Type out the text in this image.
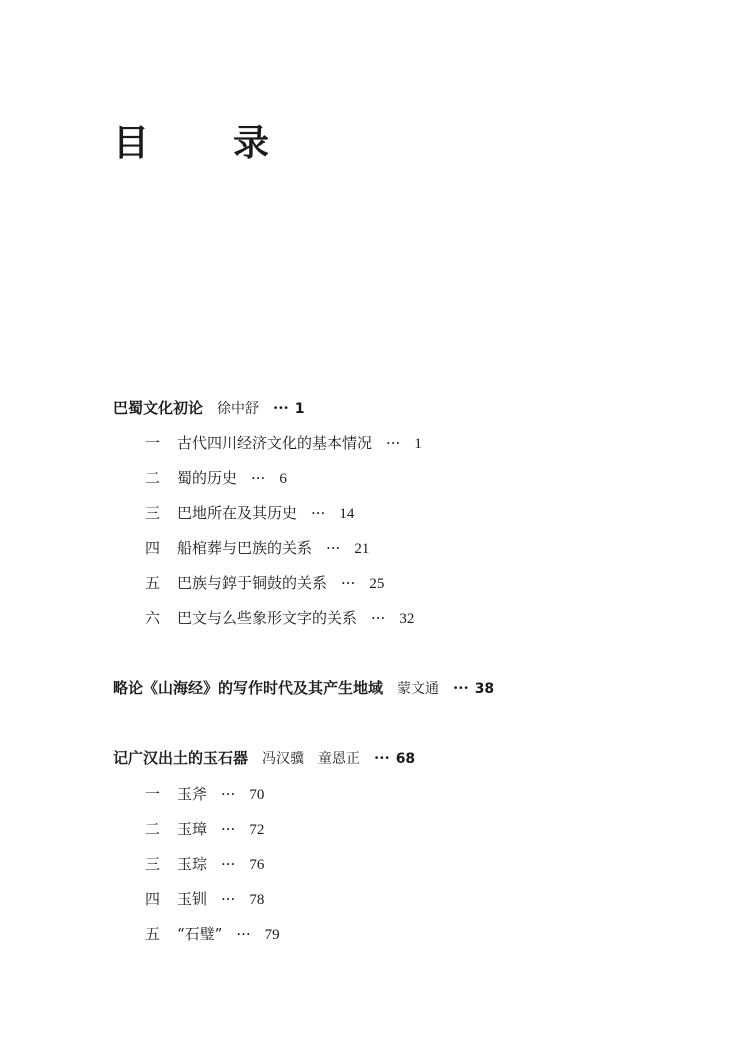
目　录
巴蜀文化初论 徐中舒 ··· 1
一 古代四川经济文化的基本情况 ··· 1
二 蜀的历史 ··· 6
三 巴地所在及其历史 ··· 14
四 船棺葬与巴族的关系 ··· 21
五 巴族与錞于铜鼓的关系 ··· 25
六 巴文与么些象形文字的关系 ··· 32
略论《山海经》的写作时代及其产生地域 蒙文通 ··· 38
记广汉出土的玉石器 冯汉骥　童恩正 ··· 68
一 玉斧 ··· 70
二 玉璋 ··· 72
三 玉琮 ··· 76
四 玉钏 ··· 78
五 “石璧” ··· 79
